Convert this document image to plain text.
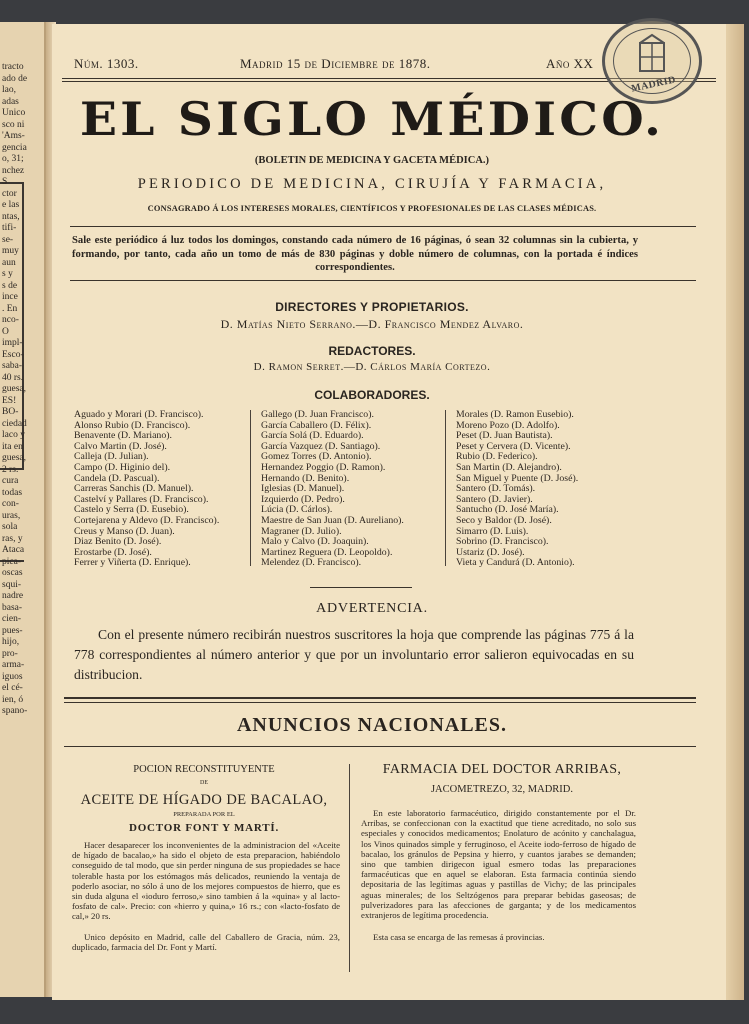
tracto
ado de
lao,
adas
Unico
sco ni
'Ams-
gencia
o, 31;
nchez
S
ctor
e las
ntas,
tifi-
se-
muy
aun
s y
s de
ince
. En
nco-
O
impl-
Esco-
saba-
40 rs.
guesa,
ES!
BO-
ciedad
laco y
ita en
guesa,
2 rs.
cura
todas
con-
uras,
sola
ras, y
Ataca
pica-
oscas
squi-
nadre
basa-
cien-
pues-
hijo,
pro-
arma-
iguos
el cé-
ien, ó
spano-
Núm. 1303.	Madrid 15 de Diciembre de 1878.	Año XX
MADRID
EL SIGLO MÉDICO.
(BOLETIN DE MEDICINA Y GACETA MÉDICA.)
PERIODICO DE MEDICINA, CIRUJÍA Y FARMACIA,
CONSAGRADO Á LOS INTERESES MORALES, CIENTÍFICOS Y PROFESIONALES DE LAS CLASES MÉDICAS.
Sale este periódico á luz todos los domingos, constando cada número de 16 páginas, ó sean 32 columnas sin la cubierta, y formando, por tanto, cada año un tomo de más de 830 páginas y doble número de columnas, con la portada é índices correspondientes.
DIRECTORES Y PROPIETARIOS.
D. Matías Nieto Serrano.—D. Francisco Mendez Alvaro.
REDACTORES.
D. Ramon Serret.—D. Cárlos María Cortezo.
COLABORADORES.
Aguado y Morari (D. Francisco).
Alonso Rubio (D. Francisco).
Benavente (D. Mariano).
Calvo Martin (D. José).
Calleja (D. Julian).
Campo (D. Higinio del).
Candela (D. Pascual).
Carreras Sanchis (D. Manuel).
Castelví y Pallares (D. Francisco).
Castelo y Serra (D. Eusebio).
Cortejarena y Aldevo (D. Francisco).
Creus y Manso (D. Juan).
Diaz Benito (D. José).
Erostarbe (D. José).
Ferrer y Viñerta (D. Enrique).
Gallego (D. Juan Francisco).
García Caballero (D. Félix).
García Solá (D. Eduardo).
García Vazquez (D. Santiago).
Gomez Torres (D. Antonio).
Hernandez Poggio (D. Ramon).
Hernando (D. Benito).
Iglesias (D. Manuel).
Izquierdo (D. Pedro).
Lúcia (D. Cárlos).
Maestre de San Juan (D. Aureliano).
Magraner (D. Julio).
Malo y Calvo (D. Joaquin).
Martinez Reguera (D. Leopoldo).
Melendez (D. Francisco).
Morales (D. Ramon Eusebio).
Moreno Pozo (D. Adolfo).
Peset (D. Juan Bautista).
Peset y Cervera (D. Vicente).
Rubio (D. Federico).
San Martin (D. Alejandro).
San Miguel y Puente (D. José).
Santero (D. Tomás).
Santero (D. Javier).
Santucho (D. José María).
Seco y Baldor (D. José).
Simarro (D. Luis).
Sobrino (D. Francisco).
Ustariz (D. José).
Vieta y Candurá (D. Antonio).
ADVERTENCIA.
Con el presente número recibirán nuestros suscritores la hoja que comprende las páginas 775 á la 778 correspondientes al número anterior y que por un involuntario error salieron equivocadas en su distribucion.
ANUNCIOS NACIONALES.
POCION RECONSTITUYENTE
DE
ACEITE DE HÍGADO DE BACALAO,
PREPARADA POR EL
DOCTOR FONT Y MARTÍ.
Hacer desaparecer los inconvenientes de la administracion del «Aceite de hígado de bacalao,» ha sido el objeto de esta preparacion, habiéndolo conseguido de tal modo, que sin perder ninguna de sus propiedades se hace tolerable hasta por los estómagos más delicados, reuniendo la ventaja de poderlo asociar, no sólo á uno de los mejores compuestos de hierro, que es sin duda alguna el «ioduro ferroso,» sino tambien á la «quina» y al lacto-fosfato de cal». Precio: con «hierro y quina,» 16 rs.; con «lacto-fosfato de cal,» 20 rs.
Unico depósito en Madrid, calle del Caballero de Gracia, núm. 23, duplicado, farmacia del Dr. Font y Martí.
FARMACIA DEL DOCTOR ARRIBAS,
JACOMETREZO, 32, MADRID.
En este laboratorio farmacéutico, dirigido constantemente por el Dr. Arribas, se confeccionan con la exactitud que tiene acreditado, no solo sus especiales y conocidos medicamentos; Enolaturo de acónito y canchalagua, los Vinos quinados simple y ferruginoso, el Aceite iodo-ferroso de hígado de bacalao, los gránulos de Pepsina y hierro, y cuantos jarabes se demanden; sino que tambien dirigecon igual esmero todas las preparaciones farmacéuticas que en aquel se elaboran. Esta farmacia continúa siendo depositaria de las legítimas aguas y pastillas de Vichy; de las principales aguas minerales; de los Seltzógenos para preparar bebidas gaseosas; de pulverizadores para las afecciones de garganta; y de los medicamentos extranjeros de legítima procedencia.
Esta casa se encarga de las remesas á provincias.
